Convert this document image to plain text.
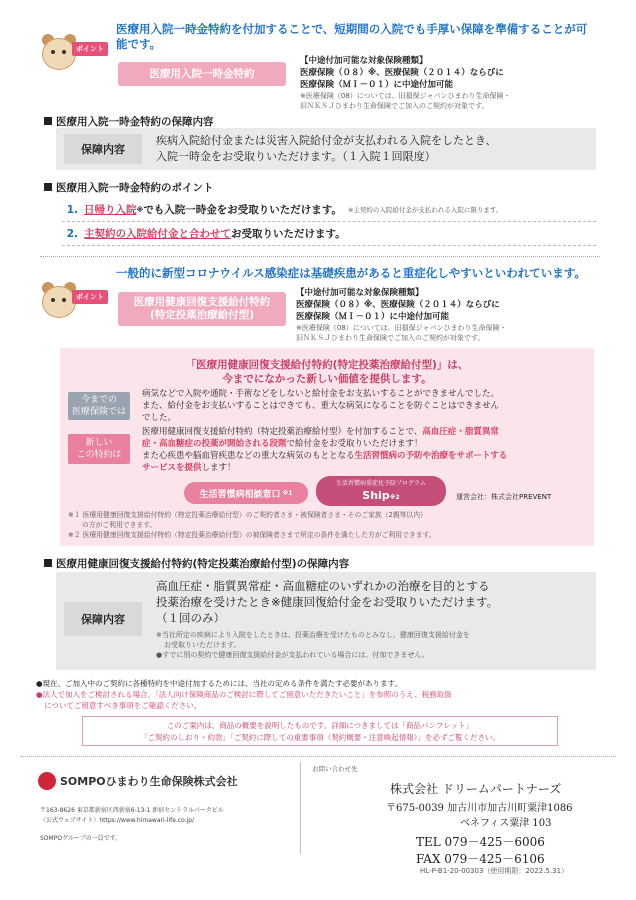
ポイント
医療用入院一時金特約を付加することで、短期間の入院でも手厚い保障を準備することが可能です。
医療用入院一時金特約
【中途付加可能な対象保険種類】
医療保険（０８）※、医療保険（２０１４）ならびに
医療保険（ＭＩ－０１）に中途付加可能
※医療保険（08）については、旧損保ジャパンひまわり生命保険・
旧ＮＫＳＪひまわり生命保険でご加入のご契約が対象です。
医療用入院一時金特約の保障内容
保障内容
疾病入院給付金または災害入院給付金が支払われる入院をしたとき、
入院一時金をお受取りいただけます。（１入院１回限度）
医療用入院一時金特約のポイント
1. 日帰り入院 ※ でも入院一時金をお受取りいただけます。 ※主契約の入院給付金が支払われる入院に限ります。
2. 主契約の入院給付金と合わせて お受取りいただけます。
一般的に新型コロナウイルス感染症は基礎疾患があると重症化しやすいといわれています。
ポイント	医療用健康回復支援給付特約
(特定投薬治療給付型)
【中途付加可能な対象保険種類】
医療保険（０８）※、医療保険（２０１４）ならびに
医療保険（ＭＩ－０１）に中途付加可能
※医療保険（08）については、旧損保ジャパンひまわり生命保険・
旧ＮＫＳＪひまわり生命保険でご加入のご契約が対象です。
「医療用健康回復支援給付特約(特定投薬治療給付型)」は、
今までになかった新しい価値を提供します。
今までの
医療保険では
病気などで入院や通院・手術などをしないと給付金をお支払いすることができませんでした。
また、給付金をお支払いすることはできても、重大な病気になることを防ぐことはできません
でした。
新しい
この特約は
医療用健康回復支援給付特約（特定投薬治療給付型）を付加することで、高血圧症・脂質異常
症・高血糖症の投薬が開始される段階で給付金をお受取りいただけます！
また心疾患や脳血管疾患などの重大な病気のもととなる生活習慣病の予防や治療をサポートする
サービスを提供します！
生活習慣病相談窓口 ※1
生活習慣病重症化予防プログラム
Ship※2	運営会社：株式会社PREVENT
※１ 医療用健康回復支援給付特約（特定投薬治療給付型）のご契約者さま・被保険者さま・そのご家族（2親等以内）
の方がご利用できます。
※２ 医療用健康回復支援給付特約（特定投薬治療給付型）の被保険者さまで所定の条件を満たした方がご利用できます。
医療用健康回復支援給付特約(特定投薬治療給付型)の保障内容
保障内容
高血圧症・脂質異常症・高血糖症のいずれかの治療を目的とする
投薬治療を受けたとき※健康回復給付金をお受取りいただけます。
（１回のみ）
※当社所定の疾病により入院をしたときは、投薬治療を受けたものとみなし、健康回復支援給付金を
お受取りいただけます。
●すでに別の契約で健康回復支援給付金が支払われている場合には、付加できません。
●現在、ご加入中のご契約に各種特約を中途付加するためには、当社の定める条件を満たす必要があります。
●法人で加入をご検討される場合、「法人向け保険商品のご検討に際してご留意いただきたいこと」を参照のうえ、税務取扱
についてご留意すべき事項をご確認ください。
このご案内は、商品の概要を説明したものです。詳細につきましては「商品パンフレット」
「ご契約のしおり・約款」「ご契約に際しての重要事項（契約概要・注意喚起情報）」を必ずご覧ください。
SOMPOひまわり生命保険株式会社
〒163-8626 東京都新宿区西新宿6-13-1 新宿セントラルパークビル
〈公式ウェブサイト〉https://www.himawari-life.co.jp/
SOMPOグループの一員です。
お問い合わせ先
株式会社 ドリームパートナーズ
〒675-0039 加古川市加古川町粟津1086
ベネフィス粟津 103
TEL 079－425－6006
FAX 079－425－6106
HL-P-B1-20-00303（使用期限：2022.5.31）
